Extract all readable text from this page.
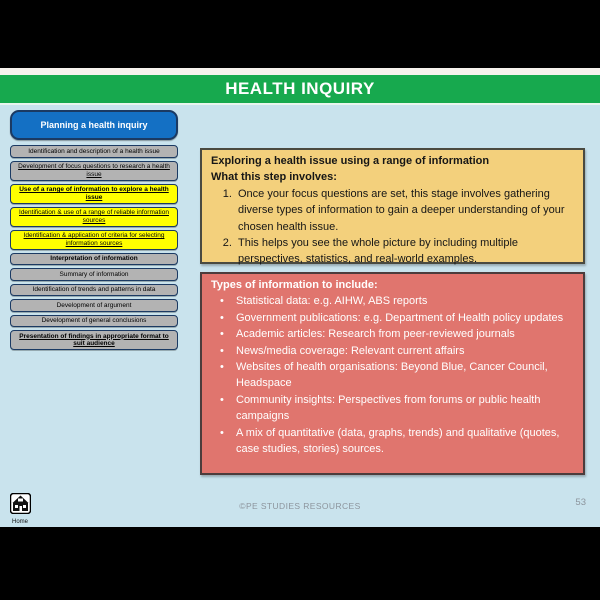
HEALTH INQUIRY
Planning a health inquiry
Identification and description of a health issue
Development of focus questions to research a health issue
Use of a range of information to explore a health issue
Identification & use of a range of reliable information sources
Identification & application of criteria for selecting information sources
Interpretation of information
Summary of information
Identification of trends and patterns in data
Development of argument
Development of general conclusions
Presentation of findings in appropriate format to suit audience
Exploring a health issue using a range of information
What this step involves:
1. Once your focus questions are set, this stage involves gathering diverse types of information to gain a deeper understanding of your chosen health issue.
2. This helps you see the whole picture by including multiple perspectives, statistics, and real-world examples.
Types of information to include:
• Statistical data: e.g. AIHW, ABS reports
• Government publications: e.g. Department of Health policy updates
• Academic articles: Research from peer-reviewed journals
• News/media coverage: Relevant current affairs
• Websites of health organisations: Beyond Blue, Cancer Council, Headspace
• Community insights: Perspectives from forums or public health campaigns
• A mix of quantitative (data, graphs, trends) and qualitative (quotes, case studies, stories) sources.
Home
©PE STUDIES RESOURCES	53
